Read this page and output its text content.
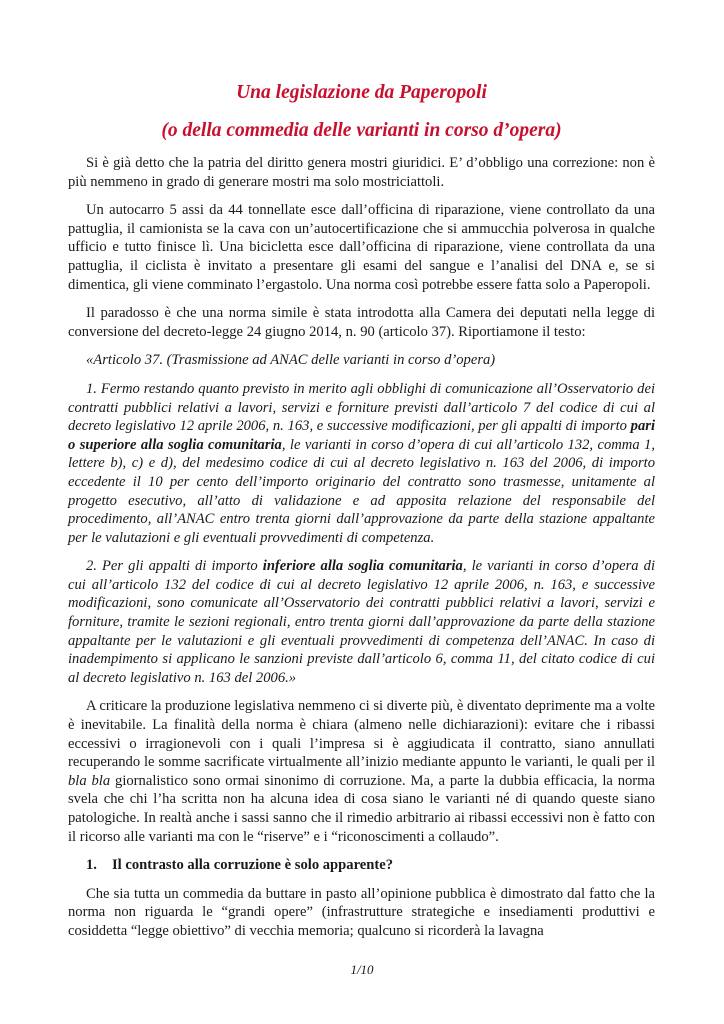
Una legislazione da Paperopoli
(o della commedia delle varianti in corso d’opera)

Si è già detto che la patria del diritto genera mostri giuridici. E’ d’obbligo una correzione: non è più nemmeno in grado di generare mostri ma solo mostriciattoli.

Un autocarro 5 assi da 44 tonnellate esce dall’officina di riparazione, viene controllato da una pattuglia, il camionista se la cava con un’autocertificazione che si ammucchia polverosa in qualche ufficio e tutto finisce lì. Una bicicletta esce dall’officina di riparazione, viene controllata da una pattuglia, il ciclista è invitato a presentare gli esami del sangue e l’analisi del DNA e, se si dimentica, gli viene comminato l’ergastolo. Una norma così potrebbe essere fatta solo a Paperopoli.

Il paradosso è che una norma simile è stata introdotta alla Camera dei deputati nella legge di conversione del decreto-legge 24 giugno 2014, n. 90 (articolo 37). Riportiamone il testo:

«Articolo 37. (Trasmissione ad ANAC delle varianti in corso d’opera)

1. Fermo restando quanto previsto in merito agli obblighi di comunicazione all’Osservatorio dei contratti pubblici relativi a lavori, servizi e forniture previsti dall’articolo 7 del codice di cui al decreto legislativo 12 aprile 2006, n. 163, e successive modificazioni, per gli appalti di importo pari o superiore alla soglia comunitaria, le varianti in corso d’opera di cui all’articolo 132, comma 1, lettere b), c) e d), del medesimo codice di cui al decreto legislativo n. 163 del 2006, di importo eccedente il 10 per cento dell’importo originario del contratto sono trasmesse, unitamente al progetto esecutivo, all’atto di validazione e ad apposita relazione del responsabile del procedimento, all’ANAC entro trenta giorni dall’approvazione da parte della stazione appaltante per le valutazioni e gli eventuali provvedimenti di competenza.

2. Per gli appalti di importo inferiore alla soglia comunitaria, le varianti in corso d’opera di cui all’articolo 132 del codice di cui al decreto legislativo 12 aprile 2006, n. 163, e successive modificazioni, sono comunicate all’Osservatorio dei contratti pubblici relativi a lavori, servizi e forniture, tramite le sezioni regionali, entro trenta giorni dall’approvazione da parte della stazione appaltante per le valutazioni e gli eventuali provvedimenti di competenza dell’ANAC. In caso di inadempimento si applicano le sanzioni previste dall’articolo 6, comma 11, del citato codice di cui al decreto legislativo n. 163 del 2006.»

A criticare la produzione legislativa nemmeno ci si diverte più, è diventato deprimente ma a volte è inevitabile. La finalità della norma è chiara (almeno nelle dichiarazioni): evitare che i ribassi eccessivi o irragionevoli con i quali l’impresa si è aggiudicata il contratto, siano annullati recuperando le somme sacrificate virtualmente all’inizio mediante appunto le varianti, le quali per il bla bla giornalistico sono ormai sinonimo di corruzione. Ma, a parte la dubbia efficacia, la norma svela che chi l’ha scritta non ha alcuna idea di cosa siano le varianti né di quando queste siano patologiche. In realtà anche i sassi sanno che il rimedio arbitrario ai ribassi eccessivi non è fatto con il ricorso alle varianti ma con le “riserve” e i “riconoscimenti a collaudo”.

1. Il contrasto alla corruzione è solo apparente?

Che sia tutta un commedia da buttare in pasto all’opinione pubblica è dimostrato dal fatto che la norma non riguarda le “grandi opere” (infrastrutture strategiche e insediamenti produttivi e cosiddetta “legge obiettivo” di vecchia memoria; qualcuno si ricorderà la lavagna

1/10
